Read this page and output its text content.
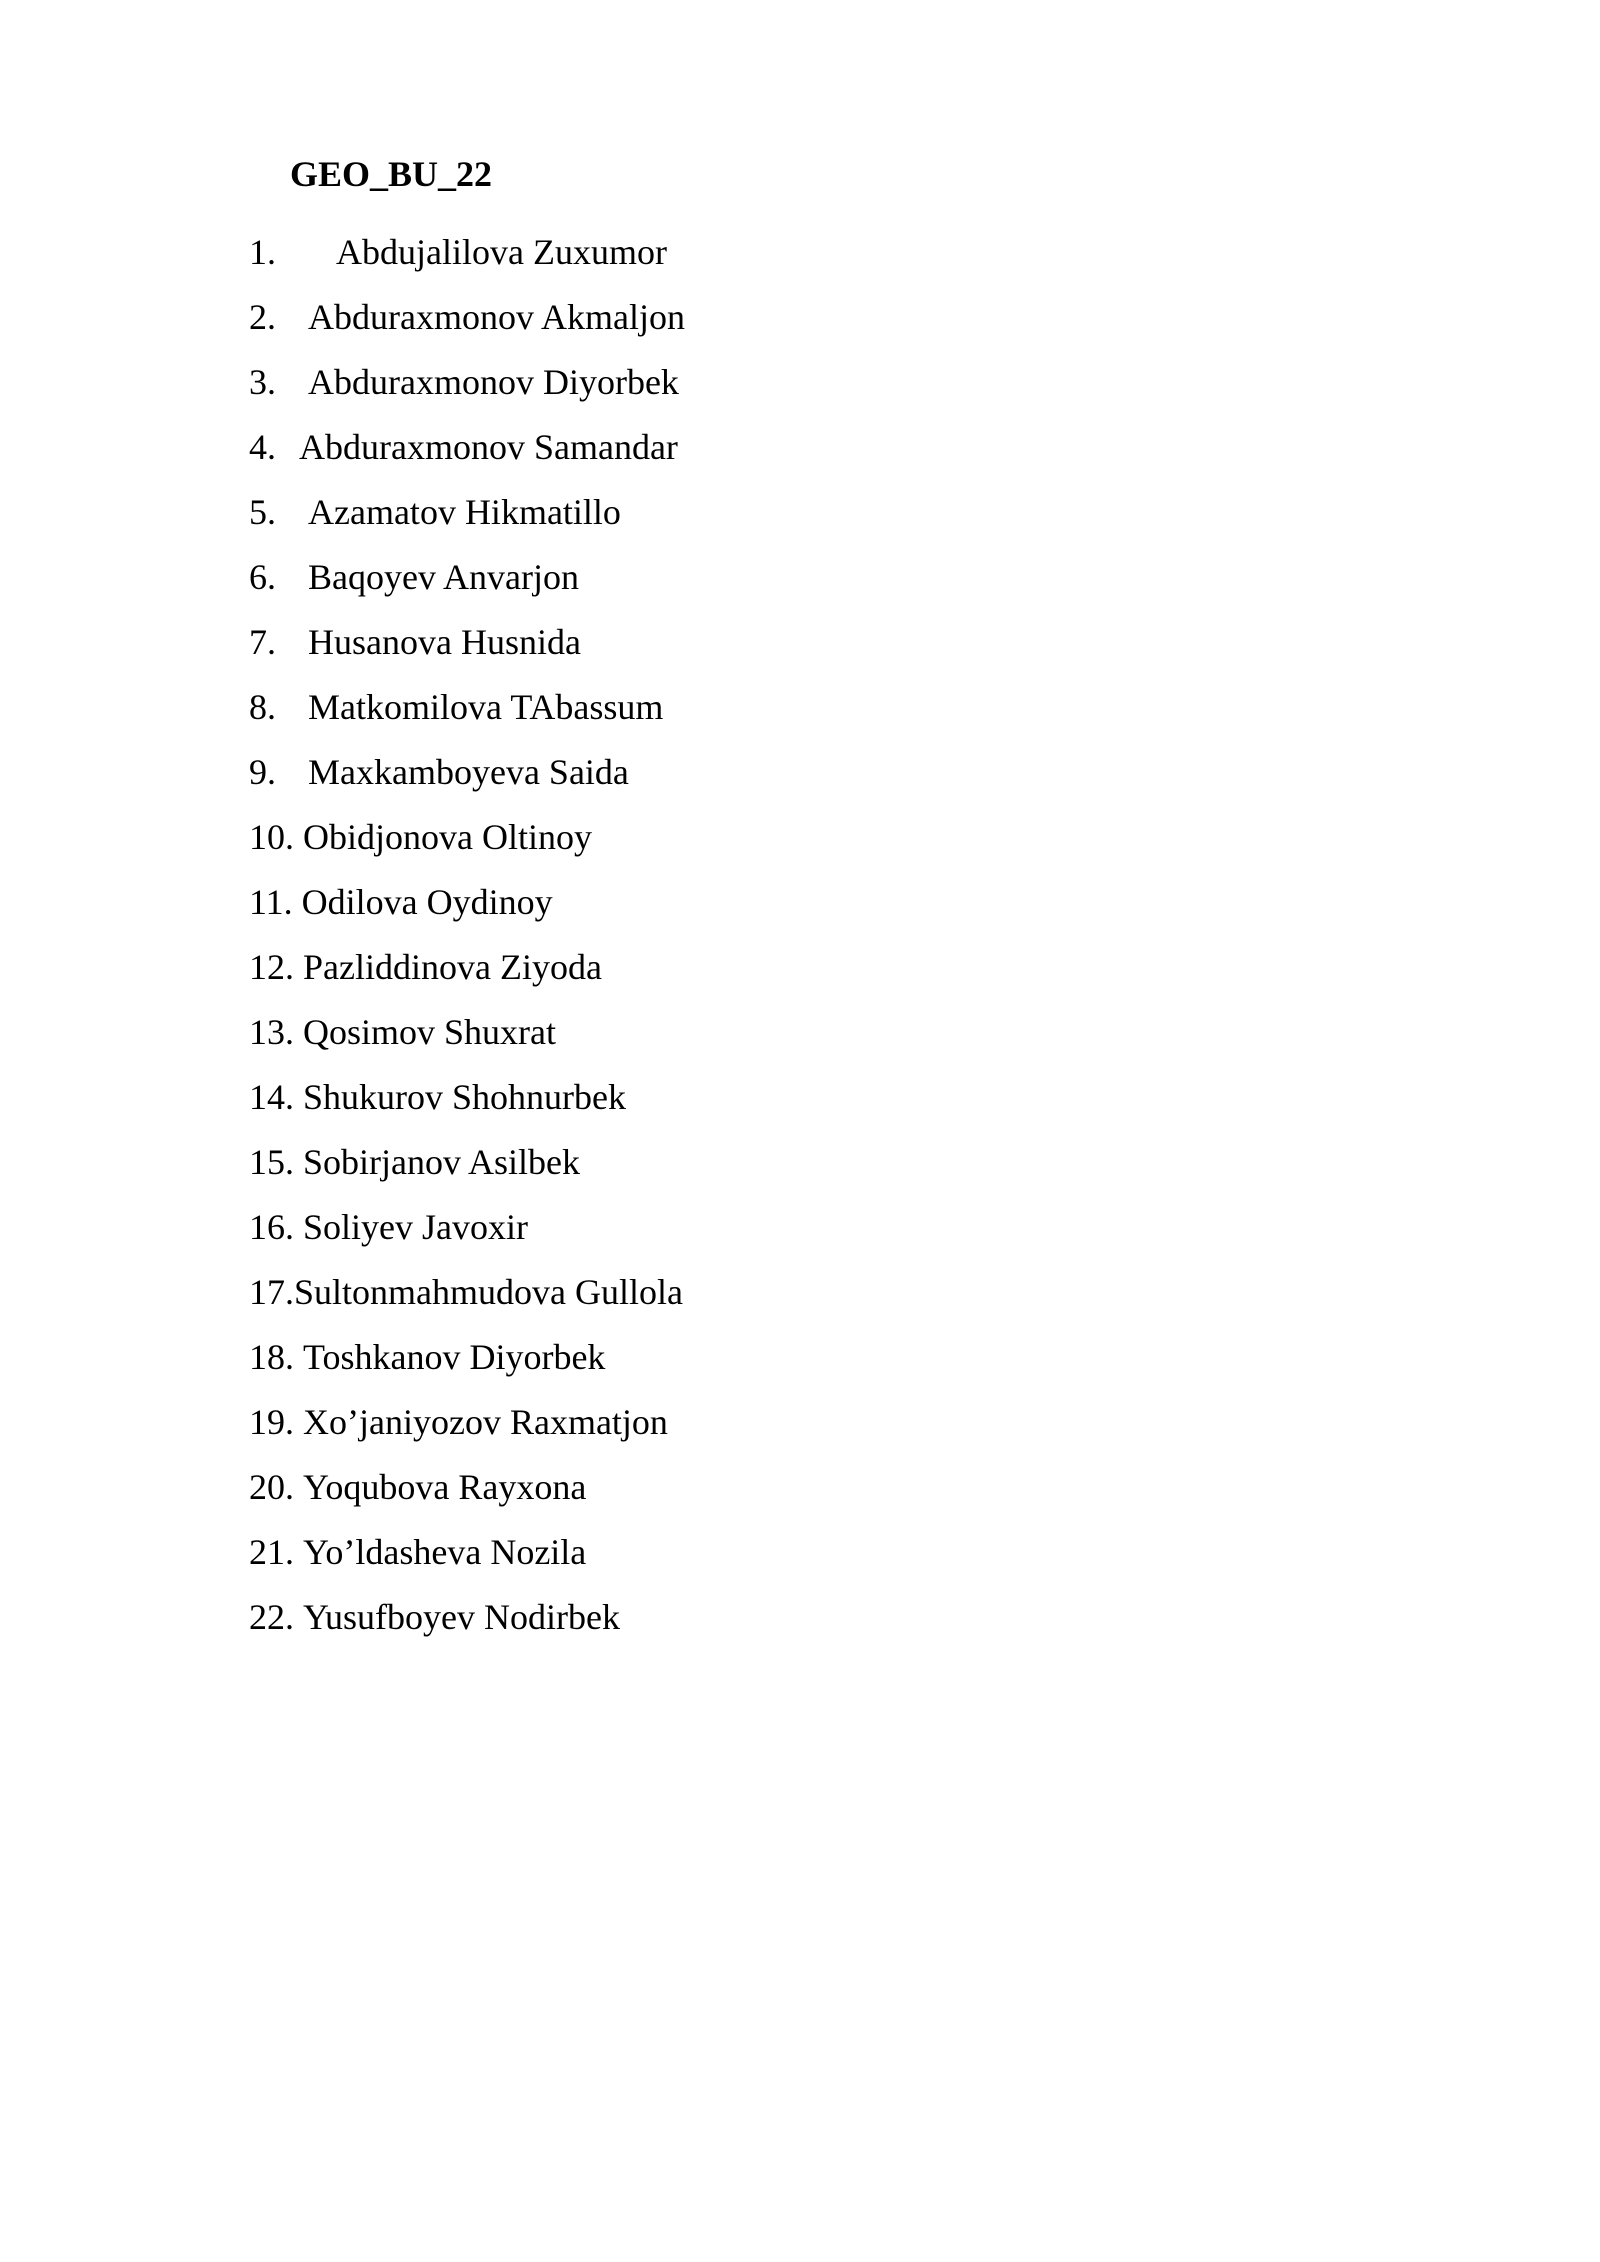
GEO_BU_22
1. Abdujalilova Zuxumor
2. Abduraxmonov Akmaljon
3. Abduraxmonov Diyorbek
4. Abduraxmonov Samandar
5. Azamatov Hikmatillo
6. Baqoyev Anvarjon
7. Husanova Husnida
8. Matkomilova TAbassum
9. Maxkamboyeva Saida
10. Obidjonova Oltinoy
11. Odilova Oydinoy
12. Pazliddinova Ziyoda
13. Qosimov Shuxrat
14. Shukurov Shohnurbek
15. Sobirjanov Asilbek
16. Soliyev Javoxir
17. Sultonmahmudova Gullola
18. Toshkanov Diyorbek
19. Xo’janiyozov Raxmatjon
20. Yoqubova Rayxona
21. Yo’ldasheva Nozila
22. Yusufboyev Nodirbek
